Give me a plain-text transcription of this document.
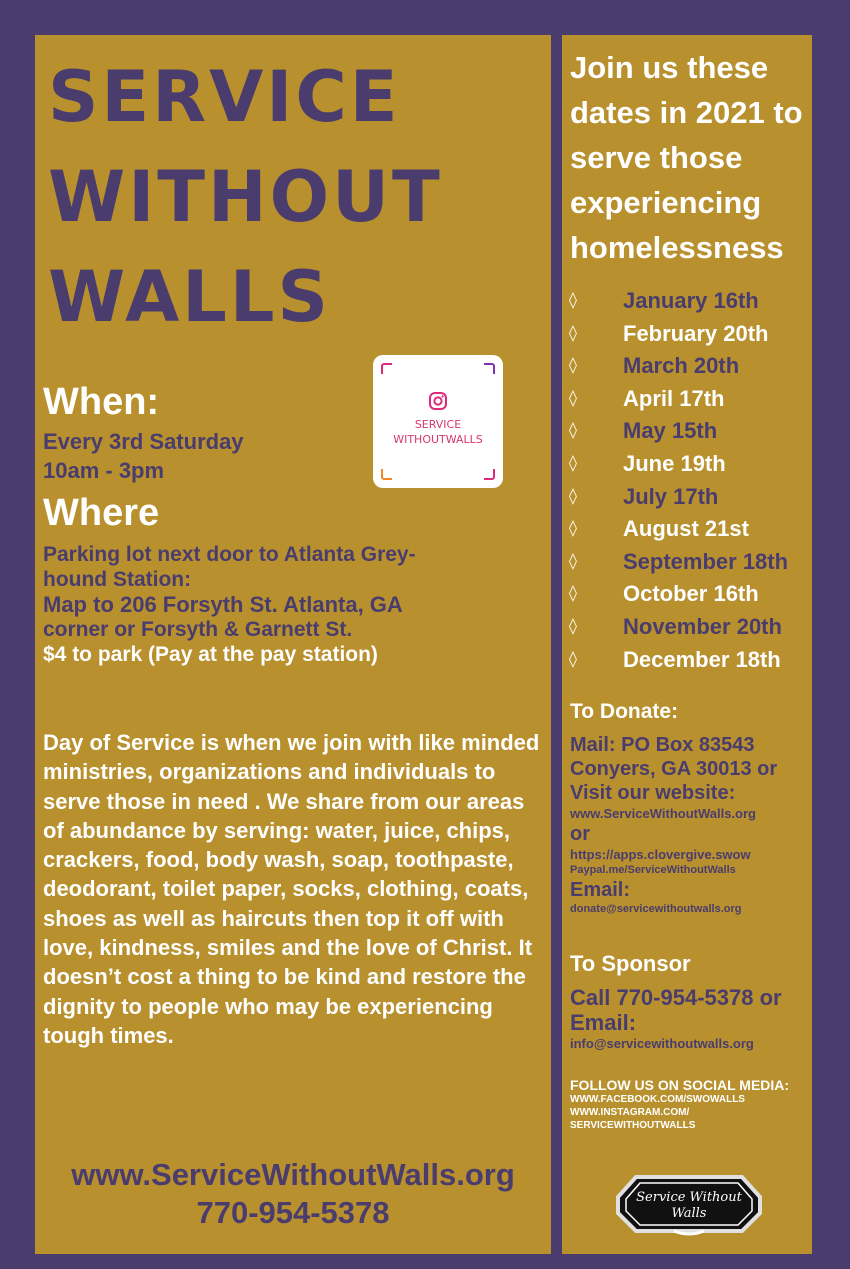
SERVICE
WITHOUT
WALLS
When:
Every 3rd Saturday
10am - 3pm
Where
Parking lot next door to Atlanta Grey-
hound Station:
Map to 206 Forsyth St. Atlanta, GA
corner or Forsyth & Garnett St.
$4 to park (Pay at the pay station)
SERVICE
WITHOUTWALLS
Day of Service is when we join with like minded ministries, organizations and individuals to serve those in need . We share from our areas of abundance by serving: water, juice, chips, crackers, food, body wash, soap, toothpaste, deodorant, toilet paper, socks, clothing, coats, shoes as well as haircuts then top it off with love, kindness, smiles and the love of Christ. It doesn’t cost a thing to be kind and restore the dignity to people who may be experiencing tough times.
www.ServiceWithoutWalls.org
770-954-5378
Join us these dates in 2021 to serve those experiencing homelessness
◊ January 16th
◊ February 20th
◊ March 20th
◊ April 17th
◊ May 15th
◊ June 19th
◊ July 17th
◊ August 21st
◊ September 18th
◊ October 16th
◊ November 20th
◊ December 18th
To Donate:
Mail: PO Box 83543
Conyers, GA 30013 or
Visit our website:
www.ServiceWithoutWalls.org
or
https://apps.clovergive.swow
Paypal.me/ServiceWithoutWalls
Email:
donate@servicewithoutwalls.org
To Sponsor
Call 770-954-5378 or
Email:
info@servicewithoutwalls.org
FOLLOW US ON SOCIAL MEDIA:
WWW.FACEBOOK.COM/SWOWALLS
WWW.INSTAGRAM.COM/
SERVICEWITHOUTWALLS
Service Without
Walls
